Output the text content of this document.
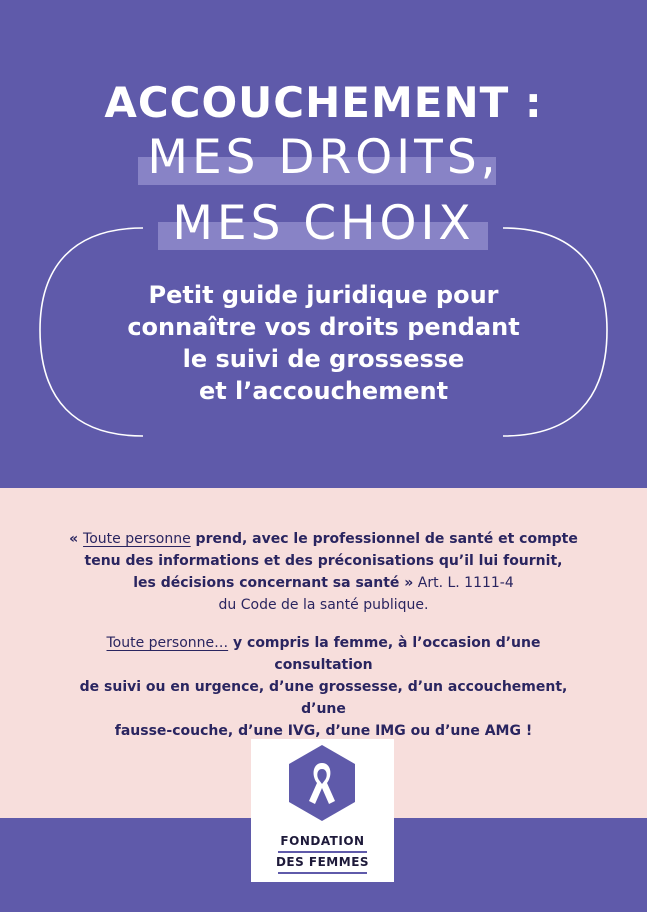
ACCOUCHEMENT :
MES DROITS,
MES CHOIX
Petit guide juridique pour
connaître vos droits pendant
le suivi de grossesse
et l’accouchement
« Toute personne prend, avec le professionnel de santé et compte
tenu des informations et des préconisations qu’il lui fournit,
les décisions concernant sa santé » Art. L. 1111-4
du Code de la santé publique.
Toute personne… y compris la femme, à l’occasion d’une consultation
de suivi ou en urgence, d’une grossesse, d’un accouchement, d’une
fausse-couche, d’une IVG, d’une IMG ou d’une AMG !
FONDATION
DES FEMMES
